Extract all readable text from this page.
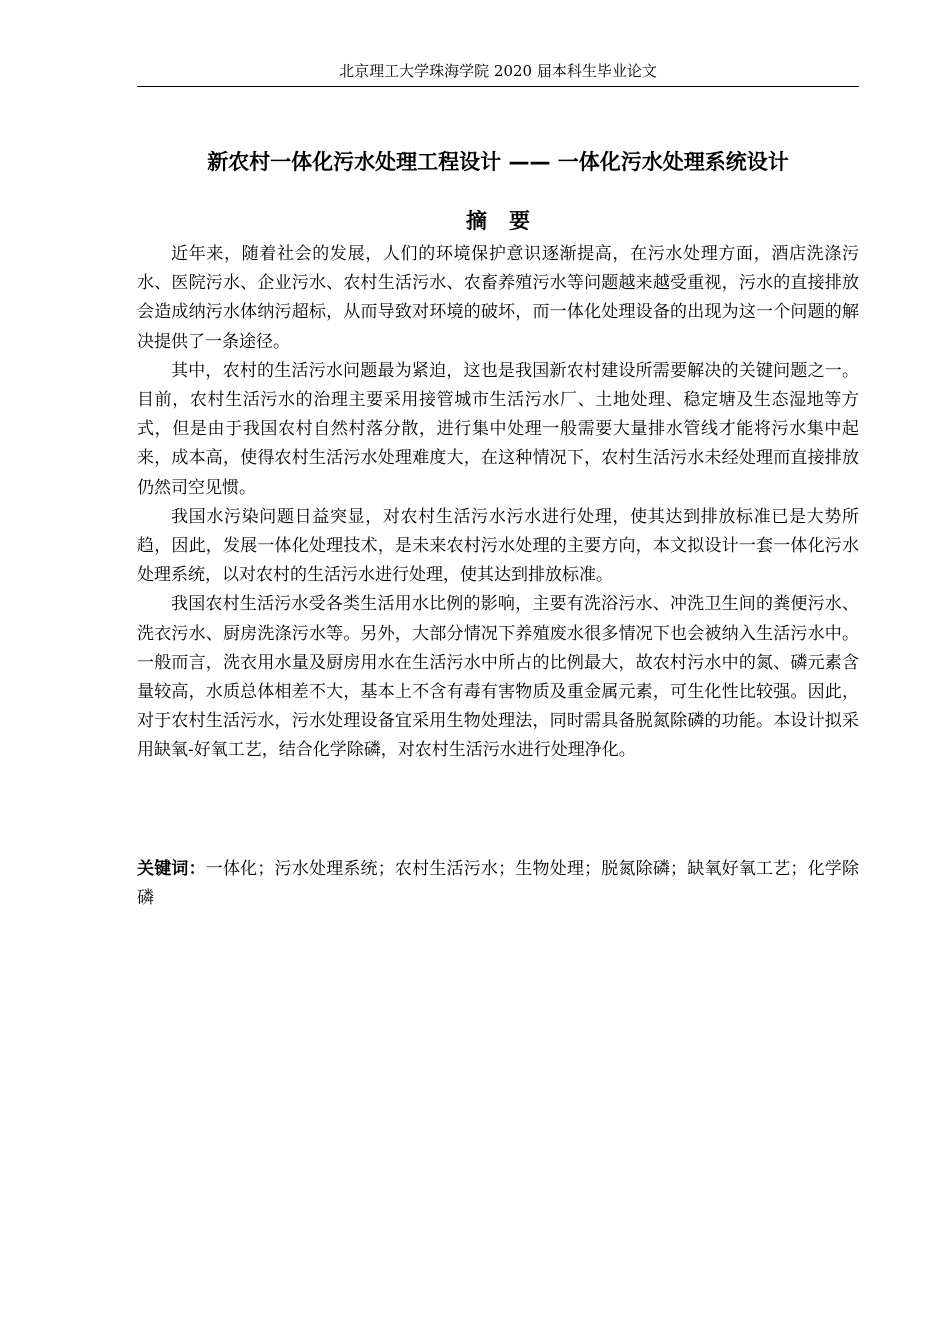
北京理工大学珠海学院 2020 届本科生毕业论文
新农村一体化污水处理工程设计 —— 一体化污水处理系统设计
摘要

近年来，随着社会的发展，人们的环境保护意识逐渐提高，在污水处理方面，酒店洗涤污水、医院污水、企业污水、农村生活污水、农畜养殖污水等问题越来越受重视，污水的直接排放会造成纳污水体纳污超标，从而导致对环境的破坏，而一体化处理设备的出现为这一个问题的解决提供了一条途径。

其中，农村的生活污水问题最为紧迫，这也是我国新农村建设所需要解决的关键问题之一。目前，农村生活污水的治理主要采用接管城市生活污水厂、土地处理、稳定塘及生态湿地等方式，但是由于我国农村自然村落分散，进行集中处理一般需要大量排水管线才能将污水集中起来，成本高，使得农村生活污水处理难度大，在这种情况下，农村生活污水未经处理而直接排放仍然司空见惯。

我国水污染问题日益突显，对农村生活污水污水进行处理，使其达到排放标准已是大势所趋，因此，发展一体化处理技术，是未来农村污水处理的主要方向，本文拟设计一套一体化污水处理系统，以对农村的生活污水进行处理，使其达到排放标准。

我国农村生活污水受各类生活用水比例的影响，主要有洗浴污水、冲洗卫生间的粪便污水、洗衣污水、厨房洗涤污水等。另外，大部分情况下养殖废水很多情况下也会被纳入生活污水中。一般而言，洗衣用水量及厨房用水在生活污水中所占的比例最大，故农村污水中的氮、磷元素含量较高，水质总体相差不大，基本上不含有毒有害物质及重金属元素，可生化性比较强。因此，对于农村生活污水，污水处理设备宜采用生物处理法，同时需具备脱氮除磷的功能。本设计拟采用缺氧-好氧工艺，结合化学除磷，对农村生活污水进行处理净化。

关键词：一体化；污水处理系统；农村生活污水；生物处理；脱氮除磷；缺氧好氧工艺；化学除磷
